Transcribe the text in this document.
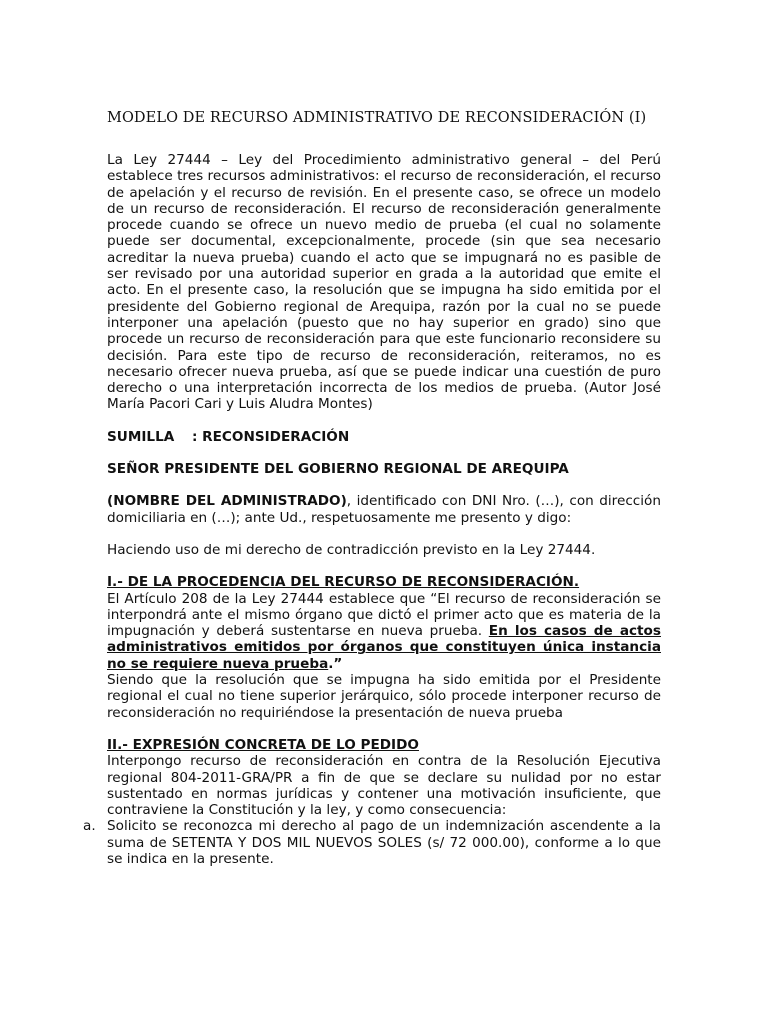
MODELO DE RECURSO ADMINISTRATIVO DE RECONSIDERACIÓN (I)

La Ley 27444 – Ley del Procedimiento administrativo general – del Perú establece tres recursos administrativos: el recurso de reconsideración, el recurso de apelación y el recurso de revisión. En el presente caso, se ofrece un modelo de un recurso de reconsideración. El recurso de reconsideración generalmente procede cuando se ofrece un nuevo medio de prueba (el cual no solamente puede ser documental, excepcionalmente, procede (sin que sea necesario acreditar la nueva prueba) cuando el acto que se impugnará no es pasible de ser revisado por una autoridad superior en grada a la autoridad que emite el acto. En el presente caso, la resolución que se impugna ha sido emitida por el presidente del Gobierno regional de Arequipa, razón por la cual no se puede interponer una apelación (puesto que no hay superior en grado) sino que procede un recurso de reconsideración para que este funcionario reconsidere su decisión. Para este tipo de recurso de reconsideración, reiteramos, no es necesario ofrecer nueva prueba, así que se puede indicar una cuestión de puro derecho o una interpretación incorrecta de los medios de prueba. (Autor José María Pacori Cari y Luis Aludra Montes)

SUMILLA	: RECONSIDERACIÓN

SEÑOR PRESIDENTE DEL GOBIERNO REGIONAL DE AREQUIPA

(NOMBRE DEL ADMINISTRADO), identificado con DNI Nro. (…), con dirección domiciliaria en (…); ante Ud., respetuosamente me presento y digo:

Haciendo uso de mi derecho de contradicción previsto en la Ley 27444.

I.- DE LA PROCEDENCIA DEL RECURSO DE RECONSIDERACIÓN.

El Artículo 208 de la Ley 27444 establece que “El recurso de reconsideración se interpondrá ante el mismo órgano que dictó el primer acto que es materia de la impugnación y deberá sustentarse en nueva prueba. En los casos de actos administrativos emitidos por órganos que constituyen única instancia no se requiere nueva prueba.”

Siendo que la resolución que se impugna ha sido emitida por el Presidente regional el cual no tiene superior jerárquico, sólo procede interponer recurso de reconsideración no requiriéndose la presentación de nueva prueba

II.- EXPRESIÓN CONCRETA DE LO PEDIDO

Interpongo recurso de reconsideración en contra de la Resolución Ejecutiva regional 804-2011-GRA/PR a fin de que se declare su nulidad por no estar sustentado en normas jurídicas y contener una motivación insuficiente, que contraviene la Constitución y la ley, y como consecuencia:

a. Solicito se reconozca mi derecho al pago de un indemnización ascendente a la suma de SETENTA Y DOS MIL NUEVOS SOLES (s/ 72 000.00), conforme a lo que se indica en la presente.
